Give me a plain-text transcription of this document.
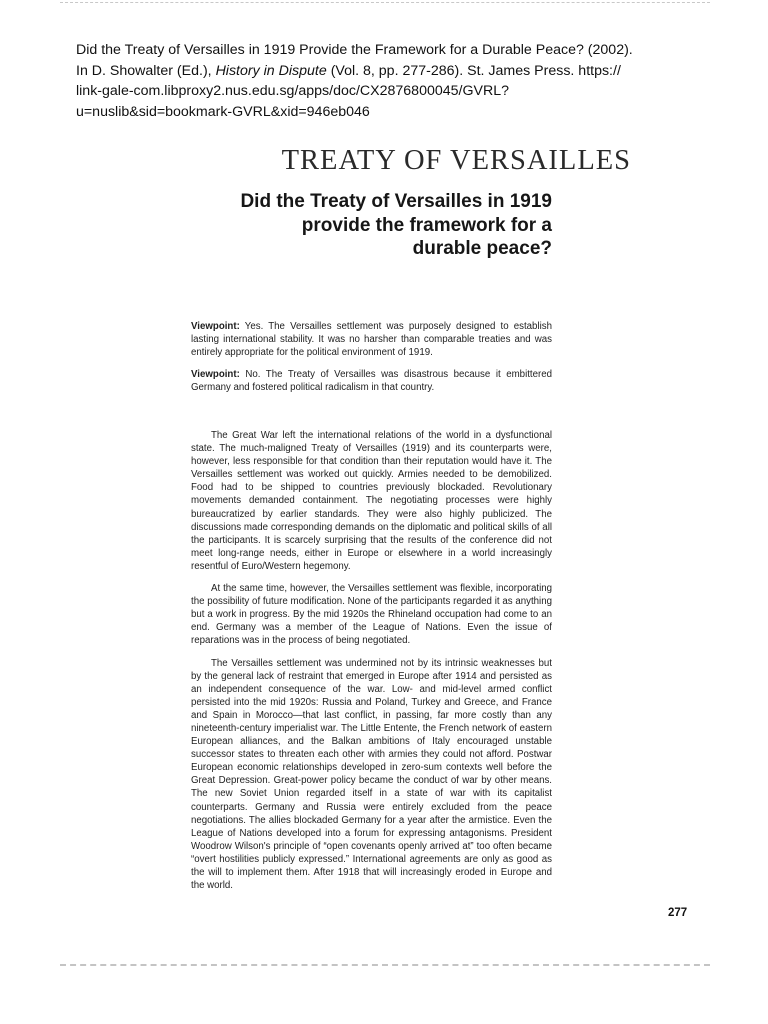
Did the Treaty of Versailles in 1919 Provide the Framework for a Durable Peace? (2002).
In D. Showalter (Ed.), History in Dispute (Vol. 8, pp. 277-286). St. James Press. https://
link-gale-com.libproxy2.nus.edu.sg/apps/doc/CX2876800045/GVRL?
u=nuslib&sid=bookmark-GVRL&xid=946eb046
TREATY OF VERSAILLES
Did the Treaty of Versailles in 1919
provide the framework for a
durable peace?

Viewpoint: Yes. The Versailles settlement was purposely designed to establish lasting international stability. It was no harsher than comparable treaties and was entirely appropriate for the political environment of 1919.

Viewpoint: No. The Treaty of Versailles was disastrous because it embittered Germany and fostered political radicalism in that country.

The Great War left the international relations of the world in a dysfunctional state. The much-maligned Treaty of Versailles (1919) and its counterparts were, however, less responsible for that condition than their reputation would have it. The Versailles settlement was worked out quickly. Armies needed to be demobilized. Food had to be shipped to countries previously blockaded. Revolutionary movements demanded containment. The negotiating processes were highly bureaucratized by earlier standards. They were also highly publicized. The discussions made corresponding demands on the diplomatic and political skills of all the participants. It is scarcely surprising that the results of the conference did not meet long-range needs, either in Europe or elsewhere in a world increasingly resentful of Euro/Western hegemony.

At the same time, however, the Versailles settlement was flexible, incorporating the possibility of future modification. None of the participants regarded it as anything but a work in progress. By the mid 1920s the Rhineland occupation had come to an end. Germany was a member of the League of Nations. Even the issue of reparations was in the process of being negotiated.

The Versailles settlement was undermined not by its intrinsic weaknesses but by the general lack of restraint that emerged in Europe after 1914 and persisted as an independent consequence of the war. Low- and mid-level armed conflict persisted into the mid 1920s: Russia and Poland, Turkey and Greece, and France and Spain in Morocco—that last conflict, in passing, far more costly than any nineteenth-century imperialist war. The Little Entente, the French network of eastern European alliances, and the Balkan ambitions of Italy encouraged unstable successor states to threaten each other with armies they could not afford. Postwar European economic relationships developed in zero-sum contexts well before the Great Depression. Great-power policy became the conduct of war by other means. The new Soviet Union regarded itself in a state of war with its capitalist counterparts. Germany and Russia were entirely excluded from the peace negotiations. The allies blockaded Germany for a year after the armistice. Even the League of Nations developed into a forum for expressing antagonisms. President Woodrow Wilson's principle of “open covenants openly arrived at” too often became “overt hostilities publicly expressed.” International agreements are only as good as the will to implement them. After 1918 that will increasingly eroded in Europe and the world.

277
